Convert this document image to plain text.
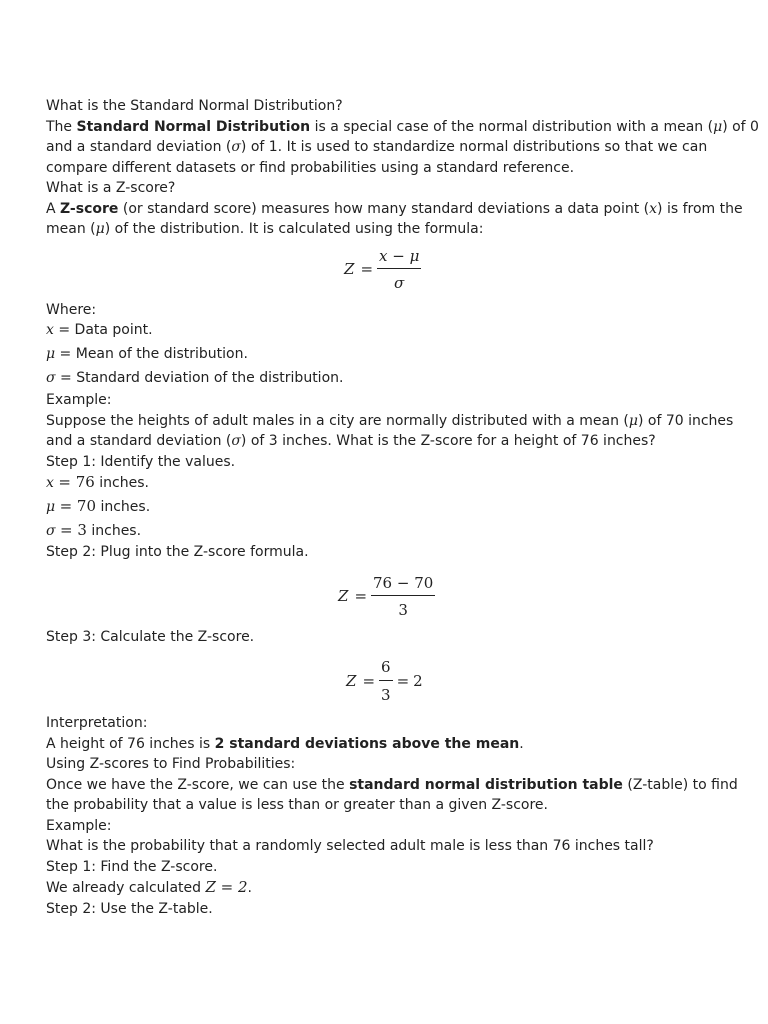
What is the Standard Normal Distribution?
The Standard Normal Distribution is a special case of the normal distribution with a mean (μ) of 0
and a standard deviation (σ) of 1. It is used to standardize normal distributions so that we can
compare different datasets or find probabilities using a standard reference.
What is a Z-score?
A Z-score (or standard score) measures how many standard deviations a data point (x) is from the
mean (μ) of the distribution. It is calculated using the formula:
$Z = \frac{x - \mu}{\sigma}$
Where:
x = Data point.
μ = Mean of the distribution.
σ = Standard deviation of the distribution.
Example:
Suppose the heights of adult males in a city are normally distributed with a mean (μ) of 70 inches
and a standard deviation (σ) of 3 inches. What is the Z-score for a height of 76 inches?
Step 1: Identify the values.
x = 76 inches.
μ = 70 inches.
σ = 3 inches.
Step 2: Plug into the Z-score formula.
$Z = \frac{76 - 70}{3}$
Step 3: Calculate the Z-score.
$Z = \frac{6}{3} = 2$
Interpretation:
A height of 76 inches is 2 standard deviations above the mean.
Using Z-scores to Find Probabilities:
Once we have the Z-score, we can use the standard normal distribution table (Z-table) to find
the probability that a value is less than or greater than a given Z-score.
Example:
What is the probability that a randomly selected adult male is less than 76 inches tall?
Step 1: Find the Z-score.
We already calculated Z = 2.
Step 2: Use the Z-table.
